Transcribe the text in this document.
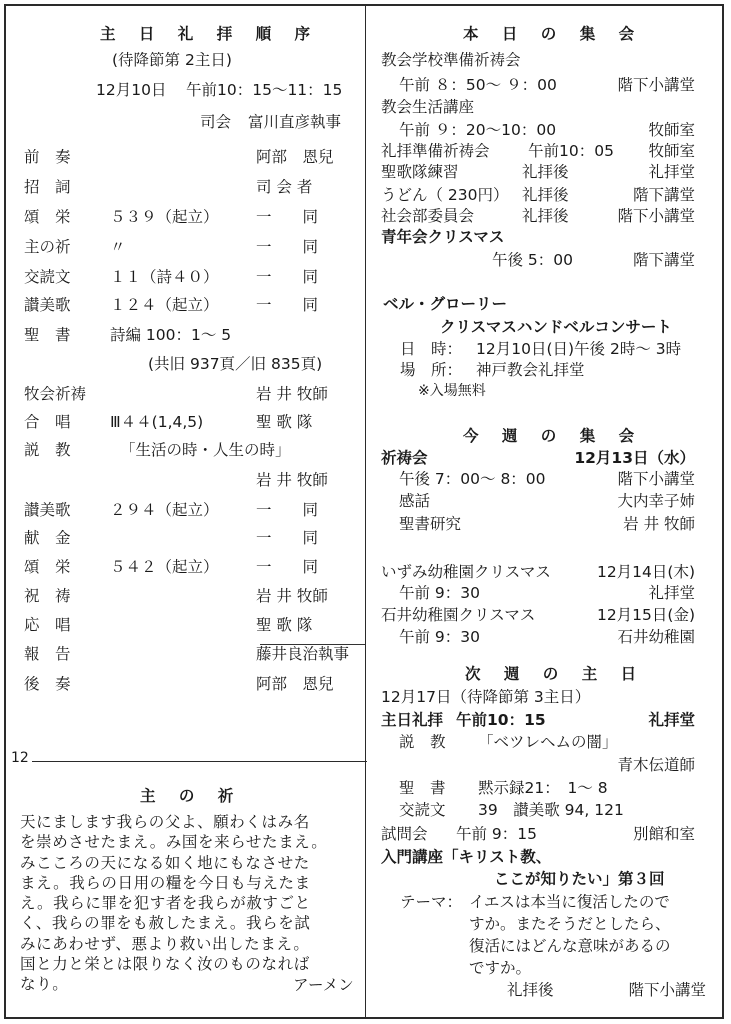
12
主 日 礼 拝 順 序
(待降節第 2主日)
12月10日 午前10：15〜11：15
司会 富川直彦執事
前　奏	阿部　恩兒
招　詞	司 会 者
頌　栄	５３９（起立） 一　　同
主の祈	〃	一　　同
交読文	１１（詩４０） 一　　同
讃美歌	１２４（起立） 一　　同
聖　書	詩編 100：1〜 5
(共旧 937頁／旧 835頁)
牧会祈祷	岩 井 牧師
合　唱	Ⅲ４４(1,4,5)	聖 歌 隊
説　教	「生活の時・人生の時」
岩 井 牧師
讃美歌	２９４（起立） 一　　同
献　金	一　　同
頌　栄	５４２（起立） 一　　同
祝　祷	岩 井 牧師
応　唱	聖 歌 隊
報　告	藤井良治執事
後　奏	阿部　恩兒
主 の 祈
天にまします我らの父よ、願わくはみ名
を崇めさせたまえ。み国を来らせたまえ。
みこころの天になる如く地にもなさせた
まえ。我らの日用の糧を今日も与えたま
え。我らに罪を犯す者を我らが赦すごと
く、我らの罪をも赦したまえ。我らを試
みにあわせず、悪より救い出したまえ。
国と力と栄とは限りなく汝のものなれば
なり。	アーメン
本 日 の 集 会
教会学校準備祈祷会
午前 ８：50〜 ９：00	階下小講堂
教会生活講座
午前 ９：20〜10：00	牧師室
礼拝準備祈祷会 午前10：05 牧師室
聖歌隊練習	礼拝後	礼拝堂
うどん（ 230円） 礼拝後	階下講堂
社会部委員会	礼拝後	階下小講堂
青年会クリスマス
午後 5：00	階下講堂
ベル・グローリー
クリスマスハンドベルコンサート
日　時： 12月10日(日)午後 2時〜 3時
場　所： 神戸教会礼拝堂
※入場無料
今 週 の 集 会
祈祷会	12月13日（水）
午後 7：00〜 8：00	階下小講堂
感話	大内幸子姉
聖書研究	岩 井 牧師
いずみ幼稚園クリスマス	12月14日(木)
午前 9：30	礼拝堂
石井幼稚園クリスマス	12月15日(金)
午前 9：30	石井幼稚園
次 週 の 主 日
12月17日（待降節第 3主日）
主日礼拝 午前10：15	礼拝堂
説　教 「ベツレヘムの闇」
青木伝道師
聖　書 黙示録21：　1〜 8
交読文 39　讃美歌 94, 121
試問会 午前 9：15	別館和室
入門講座「キリスト教、
ここが知りたい」第３回
テーマ： イエスは本当に復活したので
すか。またそうだとしたら、
復活にはどんな意味があるの
ですか。
礼拝後	階下小講堂
